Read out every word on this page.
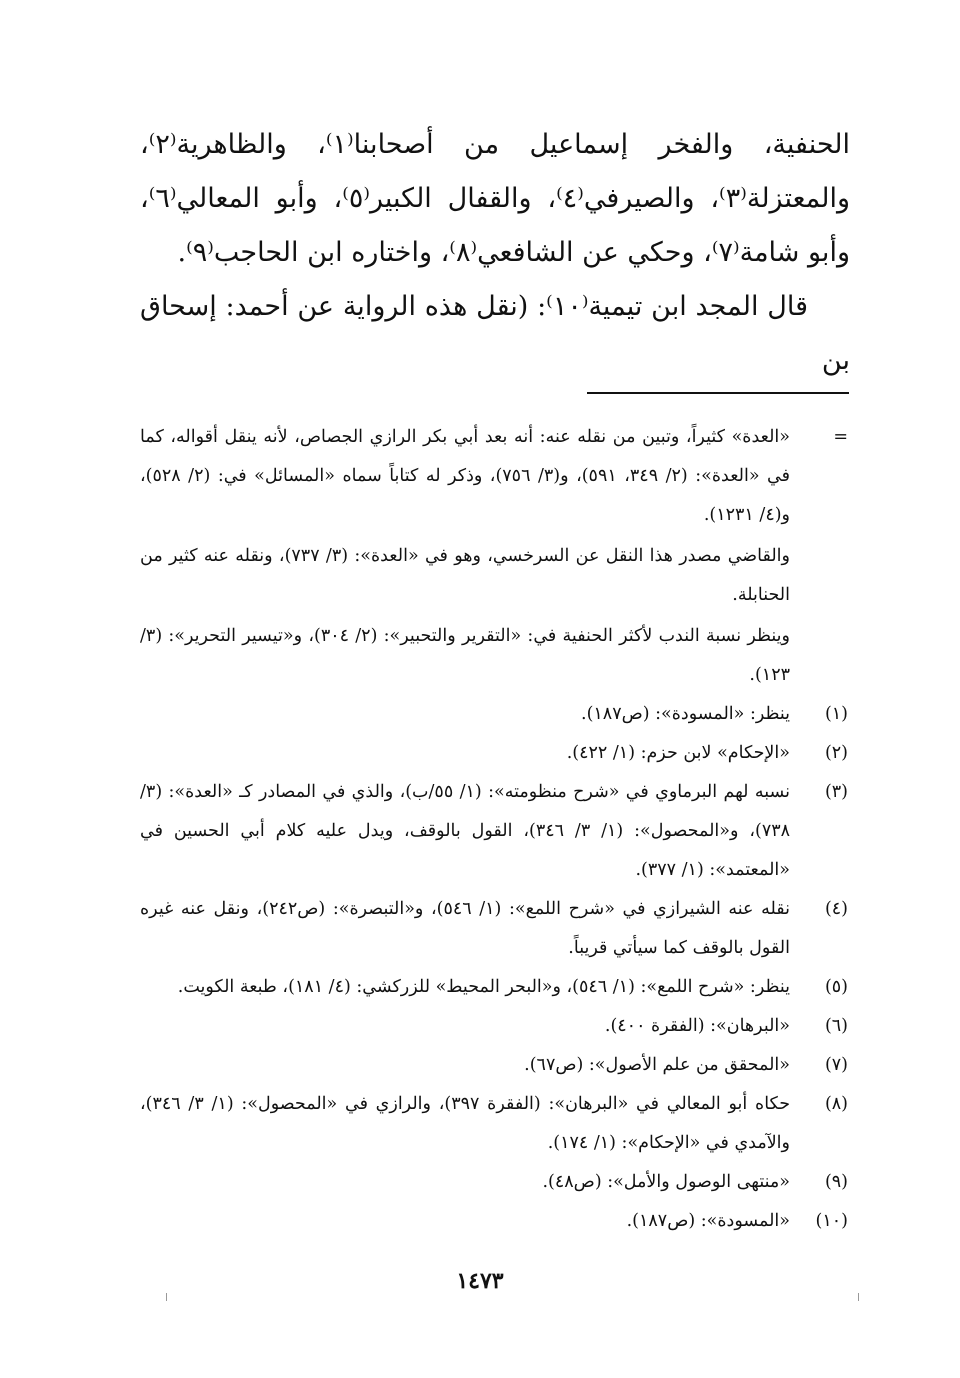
الحنفية، والفخر إسماعيل من أصحابنا⁽١⁾، والظاهرية⁽٢⁾، والمعتزلة⁽٣⁾، والصيرفي⁽٤⁾، والقفال الكبير⁽٥⁾، وأبو المعالي⁽٦⁾، وأبو شامة⁽٧⁾، وحكي عن الشافعي⁽٨⁾، واختاره ابن الحاجب⁽٩⁾.

قال المجد ابن تيمية⁽١٠⁾: (نقل هذه الرواية عن أحمد: إسحاق بن

=

«العدة» كثيراً، وتبين من نقله عنه: أنه بعد أبي بكر الرازي الجصاص، لأنه ينقل أقواله، كما في «العدة»: (٢/ ٣٤٩، ٥٩١)، و(٣/ ٧٥٦)، وذكر له كتاباً سماه «المسائل» في: (٢/ ٥٢٨)، و(٤/ ١٢٣١).

والقاضي مصدر هذا النقل عن السرخسي، وهو في «العدة»: (٣/ ٧٣٧)، ونقله عنه كثير من الحنابلة.

وينظر نسبة الندب لأكثر الحنفية في: «التقرير والتحبير»: (٢/ ٣٠٤)، و«تيسير التحرير»: (٣/ ١٢٣).

(١)
ينظر: «المسودة»: (ص١٨٧).
(٢)
«الإحكام» لابن حزم: (١/ ٤٢٢).
(٣)
نسبه لهم البرماوي في «شرح منظومته»: (١/ ٥٥/ب)، والذي في المصادر كـ «العدة»: (٣/ ٧٣٨)، و«المحصول»: (١/ ٣/ ٣٤٦)، القول بالوقف، ويدل عليه كلام أبي الحسين في «المعتمد»: (١/ ٣٧٧).
(٤)
نقله عنه الشيرازي في «شرح اللمع»: (١/ ٥٤٦)، و«التبصرة»: (ص٢٤٢)، ونقل عنه غيره القول بالوقف كما سيأتي قريباً.
(٥)
ينظر: «شرح اللمع»: (١/ ٥٤٦)، و«البحر المحيط» للزركشي: (٤/ ١٨١)، طبعة الكويت.
(٦)
«البرهان»: (الفقرة ٤٠٠).
(٧)
«المحقق من علم الأصول»: (ص٦٧).
(٨)
حكاه أبو المعالي في «البرهان»: (الفقرة ٣٩٧)، والرازي في «المحصول»: (١/ ٣/ ٣٤٦)، والآمدي في «الإحكام»: (١/ ١٧٤).
(٩)
«منتهى الوصول والأمل»: (ص٤٨).
(١٠)
«المسودة»: (ص١٨٧).
١٤٧٣
